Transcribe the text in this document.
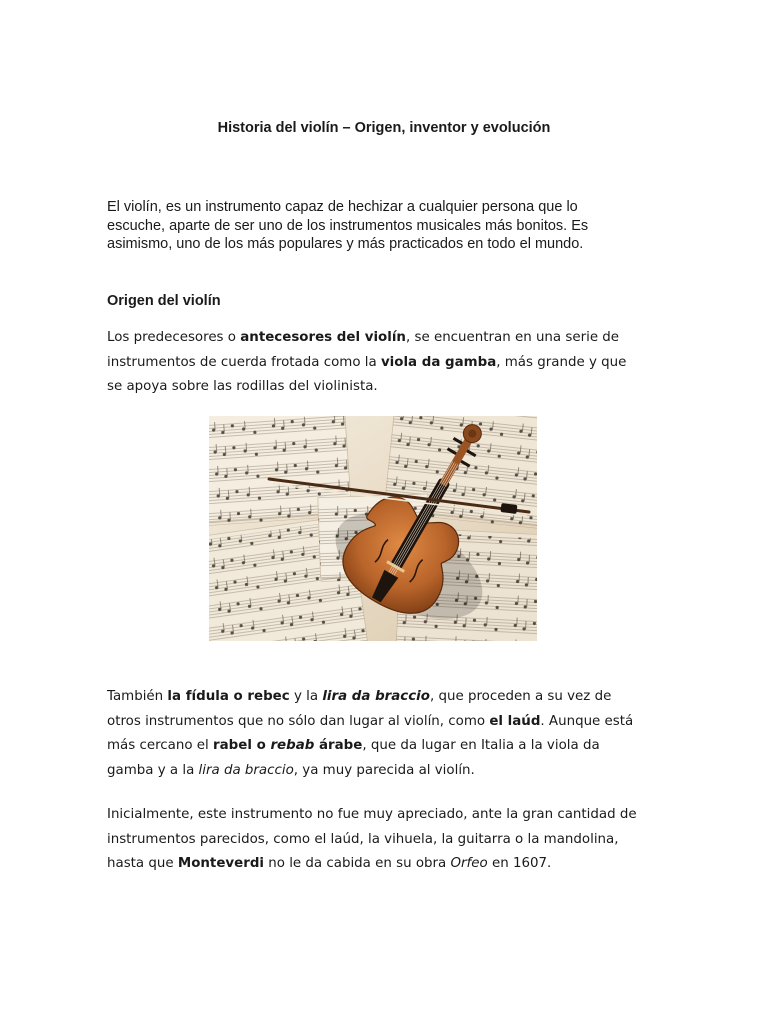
Historia del violín – Origen, inventor y evolución

El violín, es un instrumento capaz de hechizar a cualquier persona que lo
escuche, aparte de ser uno de los instrumentos musicales más bonitos. Es
asimismo, uno de los más populares y más practicados en todo el mundo.

Origen del violín

Los predecesores o antecesores del violín, se encuentran en una serie de
instrumentos de cuerda frotada como la viola da gamba, más grande y que
se apoya sobre las rodillas del violinista.

También la fídula o rebec y la lira da braccio, que proceden a su vez de
otros instrumentos que no sólo dan lugar al violín, como el laúd. Aunque está
más cercano el rabel o rebab árabe, que da lugar en Italia a la viola da
gamba y a la lira da braccio, ya muy parecida al violín.

Inicialmente, este instrumento no fue muy apreciado, ante la gran cantidad de
instrumentos parecidos, como el laúd, la vihuela, la guitarra o la mandolina,
hasta que Monteverdi no le da cabida en su obra Orfeo en 1607.
